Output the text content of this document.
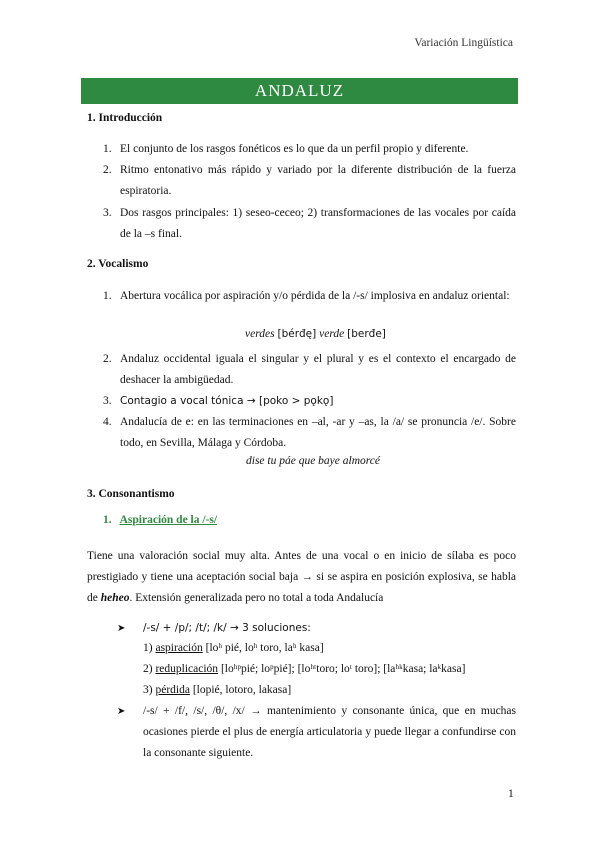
Variación Lingüística
ANDALUZ
1. Introducción
1. El conjunto de los rasgos fonéticos es lo que da un perfil propio y diferente.
2. Ritmo entonativo más rápido y variado por la diferente distribución de la fuerza espiratoria.
3. Dos rasgos principales: 1) seseo-ceceo; 2) transformaciones de las vocales por caída de la –s final.
2. Vocalismo
1. Abertura vocálica por aspiración y/o pérdida de la /-s/ implosiva en andaluz oriental:
verdes [bérđę] verde [berđe]
2. Andaluz occidental iguala el singular y el plural y es el contexto el encargado de deshacer la ambigüedad.
3. Contagio a vocal tónica → [poko > pǫkǫ]
4. Andalucía de e: en las terminaciones en –al, -ar y –as, la /a/ se pronuncia /e/. Sobre todo, en Sevilla, Málaga y Córdoba.
dise tu páe que baye almorcé
3. Consonantismo
1. Aspiración de la /-s/
Tiene una valoración social muy alta. Antes de una vocal o en inicio de sílaba es poco prestigiado y tiene una aceptación social baja → si se aspira en posición explosiva, se habla de heheo. Extensión generalizada pero no total a toda Andalucía
➤ /-s/ + /p/; /t/; /k/ → 3 soluciones:
1) aspiración [loʰ pié, loʰ toro, laʰ kasa]
2) reduplicación [loʰᵖpié; loᵖpié]; [loʰᵗtoro; loᵗ toro]; [laʰᵏkasa; laᵏkasa]
3) pérdida [lopié, lotoro, lakasa]
➤ /-s/ + /f/, /s/, /θ/, /x/ → mantenimiento y consonante única, que en muchas ocasiones pierde el plus de energía articulatoria y puede llegar a confundirse con la consonante siguiente.
1
